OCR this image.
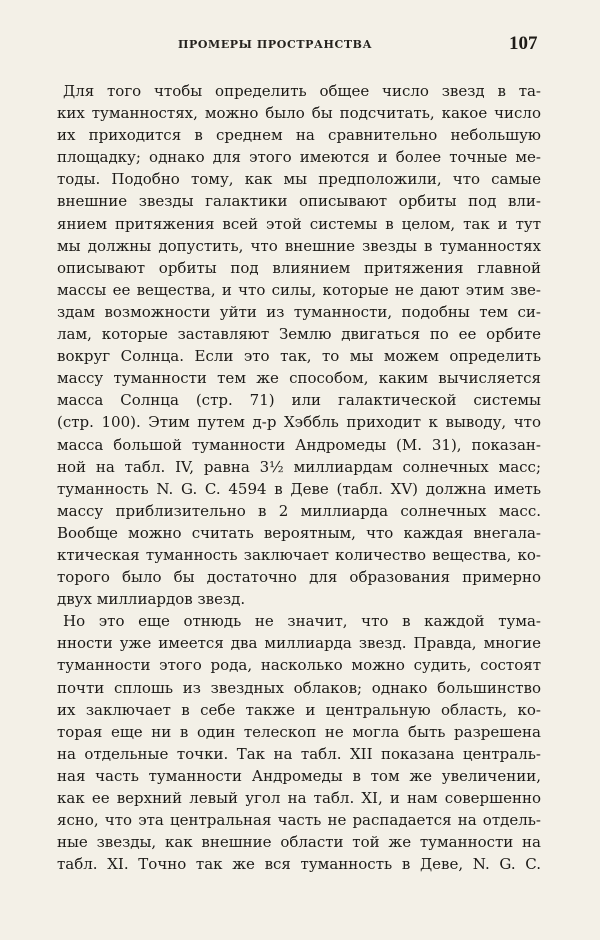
ПРОМЕРЫ ПРОСТРАНСТВА	107
Для того чтобы определить общее число звезд в та-
ких туманностях, можно было бы подсчитать, какое число
их приходится в среднем на сравнительно небольшую
площадку; однако для этого имеются и более точные ме-
тоды. Подобно тому, как мы предположили, что самые
внешние звезды галактики описывают орбиты под вли-
янием притяжения всей этой системы в целом, так и тут
мы должны допустить, что внешние звезды в туманностях
описывают орбиты под влиянием притяжения главной
массы ее вещества, и что силы, которые не дают этим зве-
здам возможности уйти из туманности, подобны тем си-
лам, которые заставляют Землю двигаться по ее орбите
вокруг Солнца. Если это так, то мы можем определить
массу туманности тем же способом, каким вычисляется
масса Солнца (стр. 71) или галактической системы
(стр. 100). Этим путем д-р Хэббль приходит к выводу, что
масса большой туманности Андромеды (М. 31), показан-
ной на табл. IV, равна 3½ миллиардам солнечных масс;
туманность N. G. C. 4594 в Деве (табл. XV) должна иметь
массу приблизительно в 2 миллиарда солнечных масс.
Вообще можно считать вероятным, что каждая внегала-
ктическая туманность заключает количество вещества, ко-
торого было бы достаточно для образования примерно
двух миллиардов звезд.
Но это еще отнюдь не значит, что в каждой тума-
нности уже имеется два миллиарда звезд. Правда, многие
туманности этого рода, насколько можно судить, состоят
почти сплошь из звездных облаков; однако большинство
их заключает в себе также и центральную область, ко-
торая еще ни в один телескоп не могла быть разрешена
на отдельные точки. Так на табл. XII показана централь-
ная часть туманности Андромеды в том же увеличении,
как ее верхний левый угол на табл. XI, и нам совершенно
ясно, что эта центральная часть не распадается на отдель-
ные звезды, как внешние области той же туманности на
табл. XI. Точно так же вся туманность в Деве, N. G. C.
